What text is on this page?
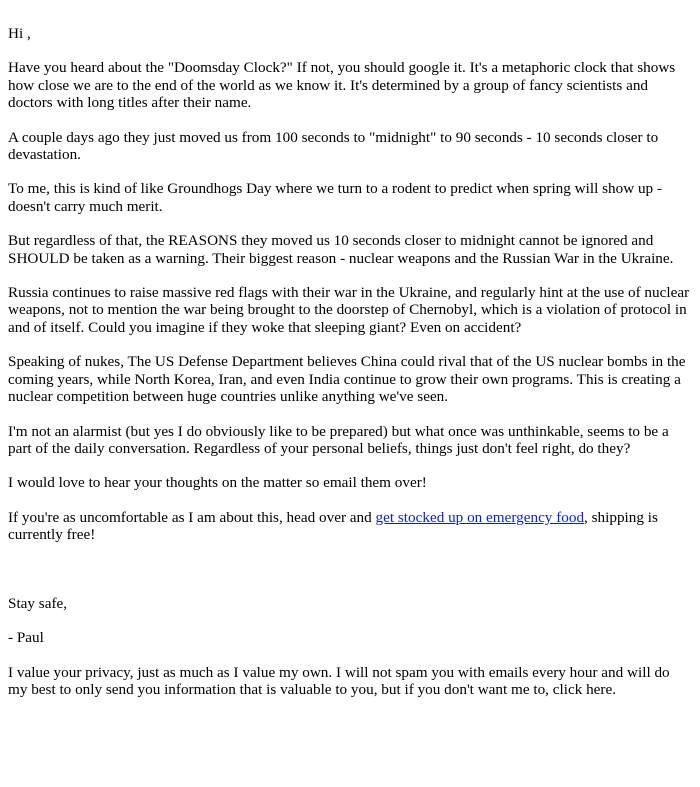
Hi ,

Have you heard about the "Doomsday Clock?" If not, you should google it. It's a metaphoric clock that shows how close we are to the end of the world as we know it. It's determined by a group of fancy scientists and doctors with long titles after their name.

A couple days ago they just moved us from 100 seconds to "midnight" to 90 seconds - 10 seconds closer to devastation.

To me, this is kind of like Groundhogs Day where we turn to a rodent to predict when spring will show up - doesn't carry much merit.

But regardless of that, the REASONS they moved us 10 seconds closer to midnight cannot be ignored and SHOULD be taken as a warning. Their biggest reason - nuclear weapons and the Russian War in the Ukraine.

Russia continues to raise massive red flags with their war in the Ukraine, and regularly hint at the use of nuclear weapons, not to mention the war being brought to the doorstep of Chernobyl, which is a violation of protocol in and of itself. Could you imagine if they woke that sleeping giant? Even on accident?

Speaking of nukes, The US Defense Department believes China could rival that of the US nuclear bombs in the coming years, while North Korea, Iran, and even India continue to grow their own programs. This is creating a nuclear competition between huge countries unlike anything we've seen.

I'm not an alarmist (but yes I do obviously like to be prepared) but what once was unthinkable, seems to be a part of the daily conversation. Regardless of your personal beliefs, things just don't feel right, do they?

I would love to hear your thoughts on the matter so email them over!

If you're as uncomfortable as I am about this, head over and get stocked up on emergency food, shipping is currently free!

Stay safe,

- Paul

I value your privacy, just as much as I value my own. I will not spam you with emails every hour and will do my best to only send you information that is valuable to you, but if you don't want me to, click here.
